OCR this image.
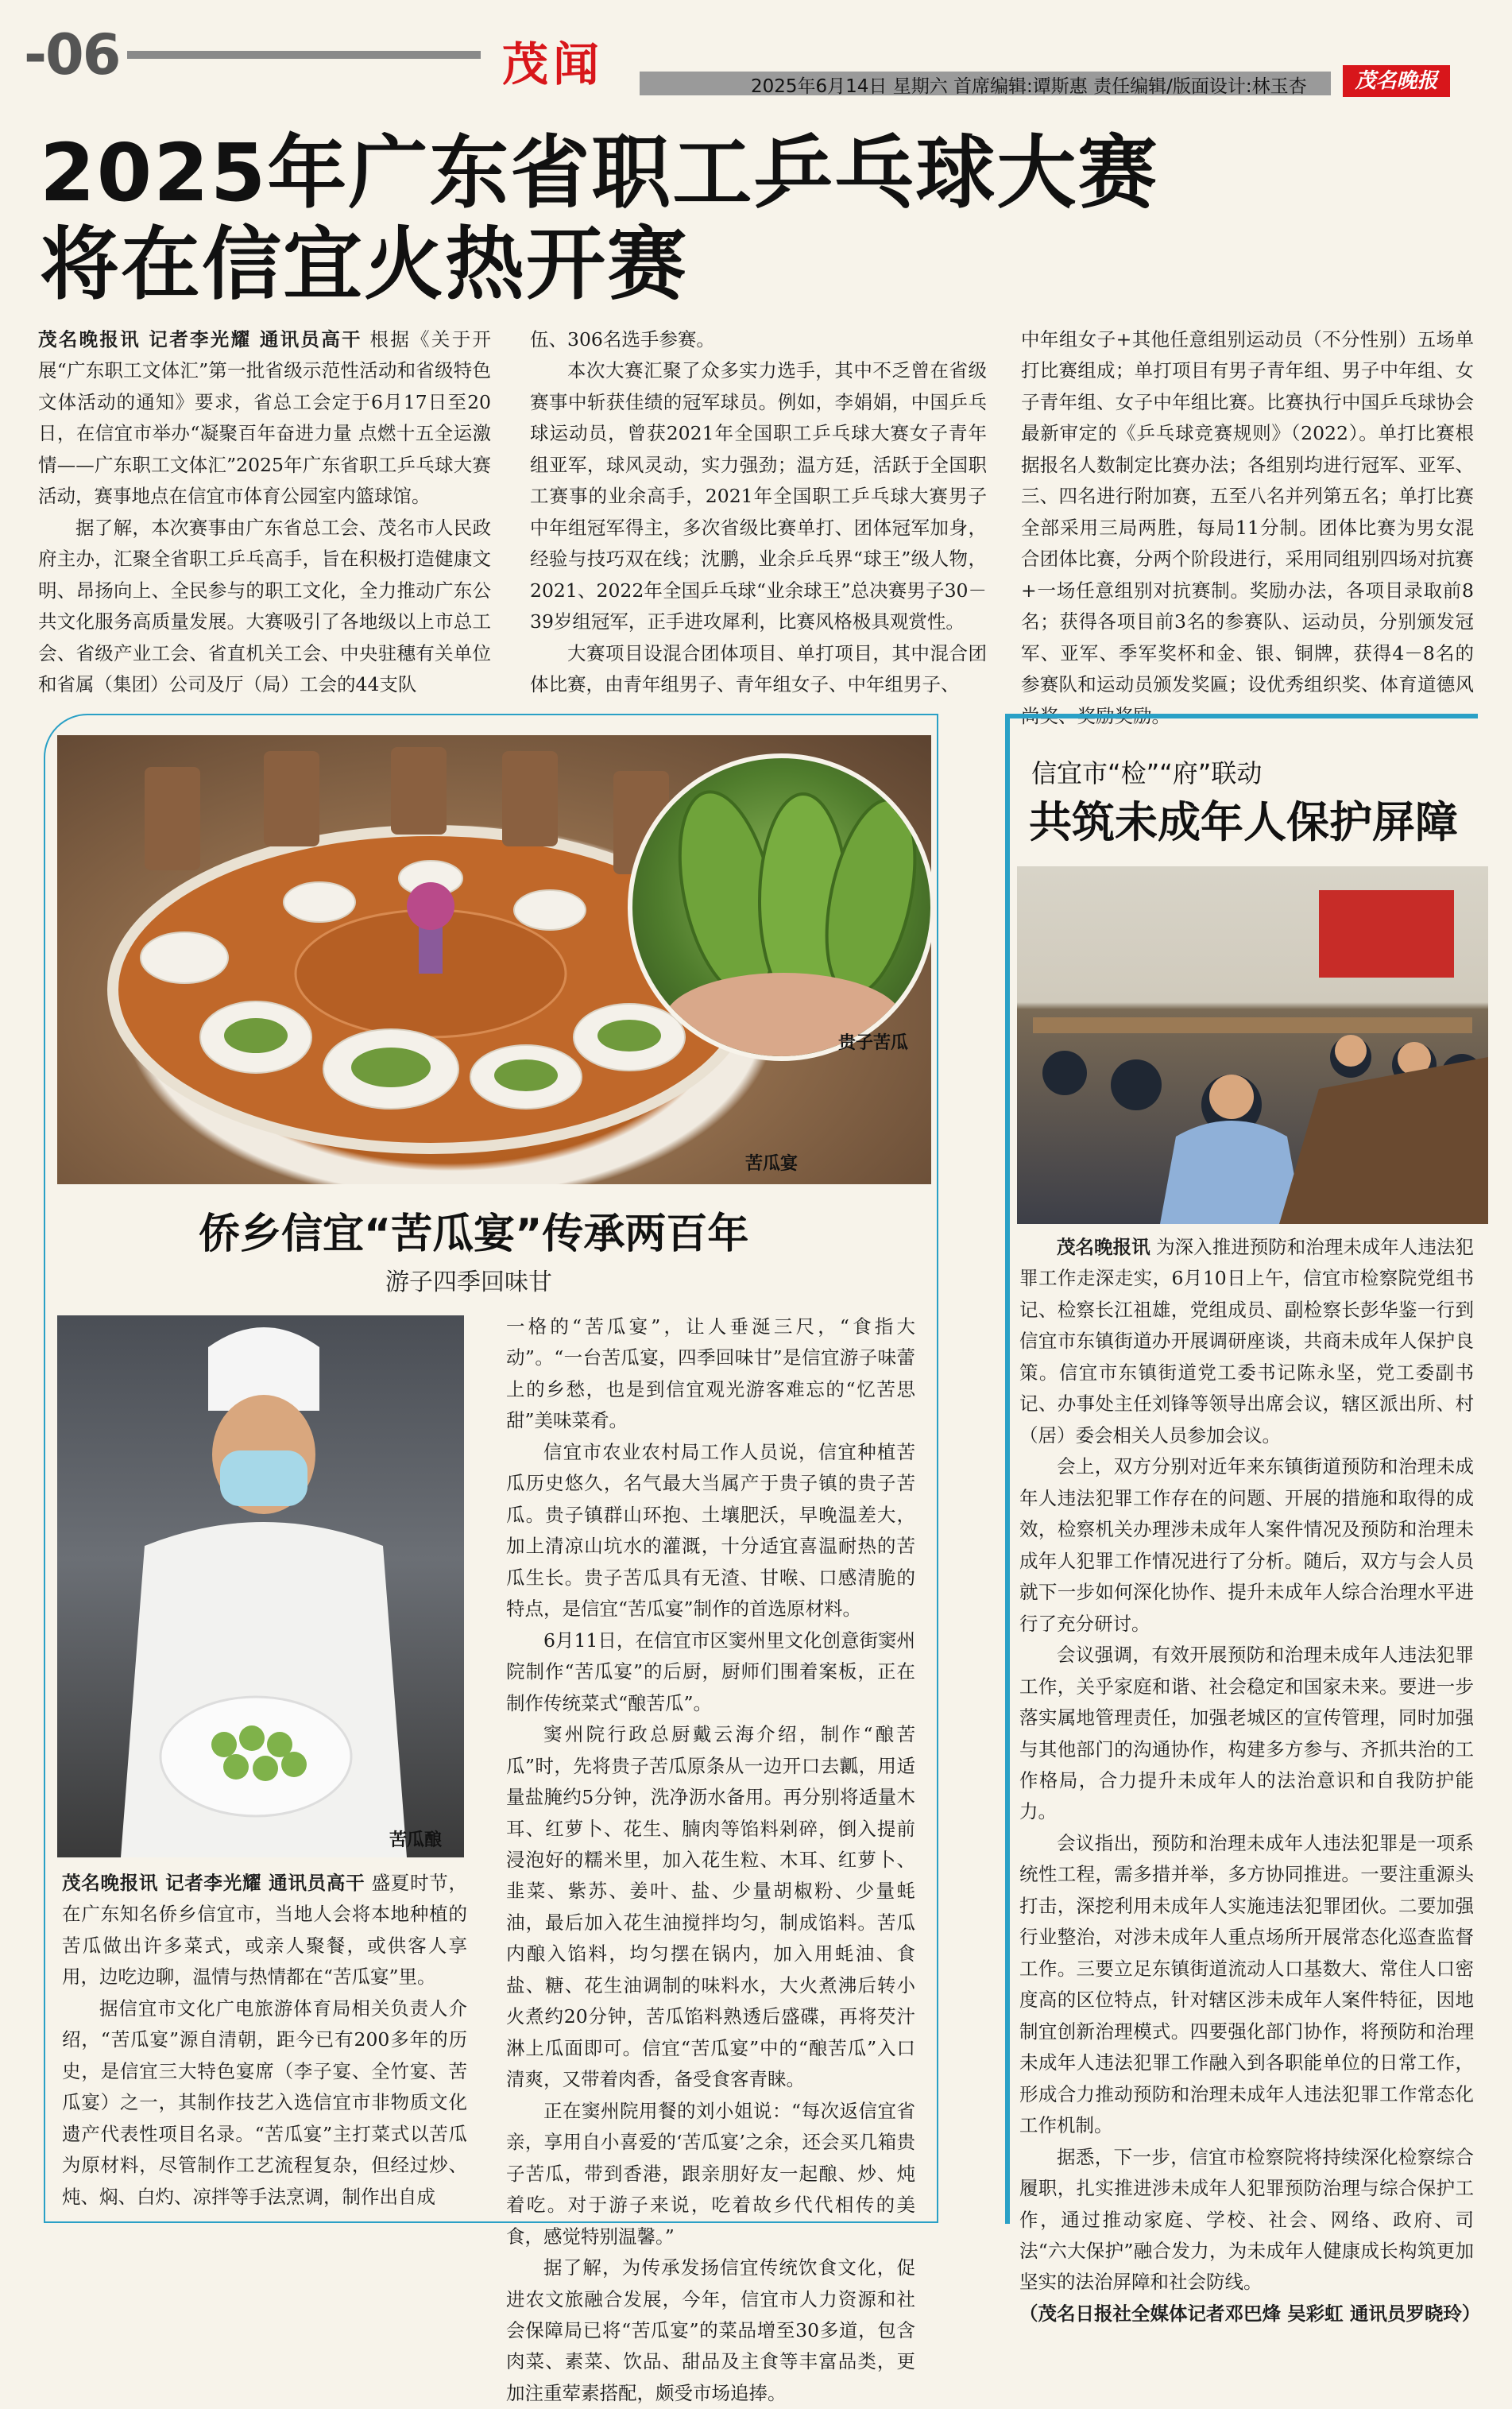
-06	茂闻	2025年6月14日 星期六 首席编辑:谭斯惠 责任编辑/版面设计:林玉杏	茂名晚报
2025年广东省职工乒乓球大赛
将在信宜火热开赛

茂名晚报讯 记者李光耀 通讯员高干 根据《关于开展“广东职工文体汇”第一批省级示范性活动和省级特色文体活动的通知》要求，省总工会定于6月17日至20日，在信宜市举办“凝聚百年奋进力量 点燃十五全运激情——广东职工文体汇”2025年广东省职工乒乓球大赛活动，赛事地点在信宜市体育公园室内篮球馆。

据了解，本次赛事由广东省总工会、茂名市人民政府主办，汇聚全省职工乒乓高手，旨在积极打造健康文明、昂扬向上、全民参与的职工文化，全力推动广东公共文化服务高质量发展。大赛吸引了各地级以上市总工会、省级产业工会、省直机关工会、中央驻穗有关单位和省属（集团）公司及厅（局）工会的44支队

伍、306名选手参赛。

本次大赛汇聚了众多实力选手，其中不乏曾在省级赛事中斩获佳绩的冠军球员。例如，李娟娟，中国乒乓球运动员，曾获2021年全国职工乒乓球大赛女子青年组亚军，球风灵动，实力强劲；温方廷，活跃于全国职工赛事的业余高手，2021年全国职工乒乓球大赛男子中年组冠军得主，多次省级比赛单打、团体冠军加身，经验与技巧双在线；沈鹏，业余乒乓界“球王”级人物，2021、2022年全国乒乓球“业余球王”总决赛男子30－39岁组冠军，正手进攻犀利，比赛风格极具观赏性。

大赛项目设混合团体项目、单打项目，其中混合团体比赛，由青年组男子、青年组女子、中年组男子、

中年组女子+其他任意组别运动员（不分性别）五场单打比赛组成；单打项目有男子青年组、男子中年组、女子青年组、女子中年组比赛。比赛执行中国乒乓球协会最新审定的《乒乓球竞赛规则》（2022）。单打比赛根据报名人数制定比赛办法；各组别均进行冠军、亚军、三、四名进行附加赛，五至八名并列第五名；单打比赛全部采用三局两胜，每局11分制。团体比赛为男女混合团体比赛，分两个阶段进行，采用同组别四场对抗赛+一场任意组别对抗赛制。奖励办法，各项目录取前8名；获得各项目前3名的参赛队、运动员，分别颁发冠军、亚军、季军奖杯和金、银、铜牌，获得4－8名的参赛队和运动员颁发奖匾；设优秀组织奖、体育道德风

贵子苦瓜
苦瓜宴
侨乡信宜“苦瓜宴”传承两百年
游子四季回味甘
苦瓜酿

茂名晚报讯 记者李光耀 通讯员高干 盛夏时节，在广东知名侨乡信宜市，当地人会将本地种植的苦瓜做出许多菜式，或亲人聚餐，或供客人享用，边吃边聊，温情与热情都在“苦瓜宴”里。

据信宜市文化广电旅游体育局相关负责人介绍，“苦瓜宴”源自清朝，距今已有200多年的历史，是信宜三大特色宴席（李子宴、全竹宴、苦瓜宴）之一，其制作技艺入选信宜市非物质文化遗产代表性项目名录。“苦瓜宴”主打菜式以苦瓜为原材料，尽管制作工艺流程复杂，但经过炒、炖、焖、白灼、凉拌等手法烹调，制作出自成

一格的“苦瓜宴”，让人垂涎三尺，“食指大动”。“一台苦瓜宴，四季回味甘”是信宜游子味蕾上的乡愁，也是到信宜观光游客难忘的“忆苦思甜”美味菜肴。

信宜市农业农村局工作人员说，信宜种植苦瓜历史悠久，名气最大当属产于贵子镇的贵子苦瓜。贵子镇群山环抱、土壤肥沃，早晚温差大，加上清凉山坑水的灌溉，十分适宜喜温耐热的苦瓜生长。贵子苦瓜具有无渣、甘喉、口感清脆的特点，是信宜“苦瓜宴”制作的首选原材料。

6月11日，在信宜市区窦州里文化创意街窦州院制作“苦瓜宴”的后厨，厨师们围着案板，正在制作传统菜式“酿苦瓜”。

窦州院行政总厨戴云海介绍，制作“酿苦瓜”时，先将贵子苦瓜原条从一边开口去瓤，用适量盐腌约5分钟，洗净沥水备用。再分别将适量木耳、红萝卜、花生、腩肉等馅料剁碎，倒入提前浸泡好的糯米里，加入花生粒、木耳、红萝卜、韭菜、紫苏、姜叶、盐、少量胡椒粉、少量蚝油，最后加入花生油搅拌均匀，制成馅料。苦瓜内酿入馅料，均匀摆在锅内，加入用蚝油、食盐、糖、花生油调制的味料水，大火煮沸后转小火煮约20分钟，苦瓜馅料熟透后盛碟，再将芡汁淋上瓜面即可。信宜“苦瓜宴”中的“酿苦瓜”入口清爽，又带着肉香，备受食客青睐。

正在窦州院用餐的刘小姐说：“每次返信宜省亲，享用自小喜爱的‘苦瓜宴’之余，还会买几箱贵子苦瓜，带到香港，跟亲朋好友一起酿、炒、炖着吃。对于游子来说，吃着故乡代代相传的美食，感觉特别温馨。”

据了解，为传承发扬信宜传统饮食文化，促进农文旅融合发展，今年，信宜市人力资源和社会保障局已将“苦瓜宴”的菜品增至30多道，包含肉菜、素菜、饮品、甜品及主食等丰富品类，更加注重荤素搭配，颇受市场追捧。

信宜市“检”“府”联动
共筑未成年人保护屏障

茂名晚报讯 为深入推进预防和治理未成年人违法犯罪工作走深走实，6月10日上午，信宜市检察院党组书记、检察长江祖雄，党组成员、副检察长彭华鉴一行到信宜市东镇街道办开展调研座谈，共商未成年人保护良策。信宜市东镇街道党工委书记陈永坚，党工委副书记、办事处主任刘锋等领导出席会议，辖区派出所、村（居）委会相关人员参加会议。

会上，双方分别对近年来东镇街道预防和治理未成年人违法犯罪工作存在的问题、开展的措施和取得的成效，检察机关办理涉未成年人案件情况及预防和治理未成年人犯罪工作情况进行了分析。随后，双方与会人员就下一步如何深化协作、提升未成年人综合治理水平进行了充分研讨。

会议强调，有效开展预防和治理未成年人违法犯罪工作，关乎家庭和谐、社会稳定和国家未来。要进一步落实属地管理责任，加强老城区的宣传管理，同时加强与其他部门的沟通协作，构建多方参与、齐抓共治的工作格局，合力提升未成年人的法治意识和自我防护能力。

会议指出，预防和治理未成年人违法犯罪是一项系统性工程，需多措并举，多方协同推进。一要注重源头打击，深挖利用未成年人实施违法犯罪团伙。二要加强行业整治，对涉未成年人重点场所开展常态化巡查监督工作。三要立足东镇街道流动人口基数大、常住人口密度高的区位特点，针对辖区涉未成年人案件特征，因地制宜创新治理模式。四要强化部门协作，将预防和治理未成年人违法犯罪工作融入到各职能单位的日常工作，形成合力推动预防和治理未成年人违法犯罪工作常态化工作机制。

据悉，下一步，信宜市检察院将持续深化检察综合履职，扎实推进涉未成年人犯罪预防治理与综合保护工作，通过推动家庭、学校、社会、网络、政府、司法“六大保护”融合发力，为未成年人健康成长构筑更加坚实的法治屏障和社会防线。

（茂名日报社全媒体记者邓巴烽 吴彩虹 通讯员罗晓玲）
